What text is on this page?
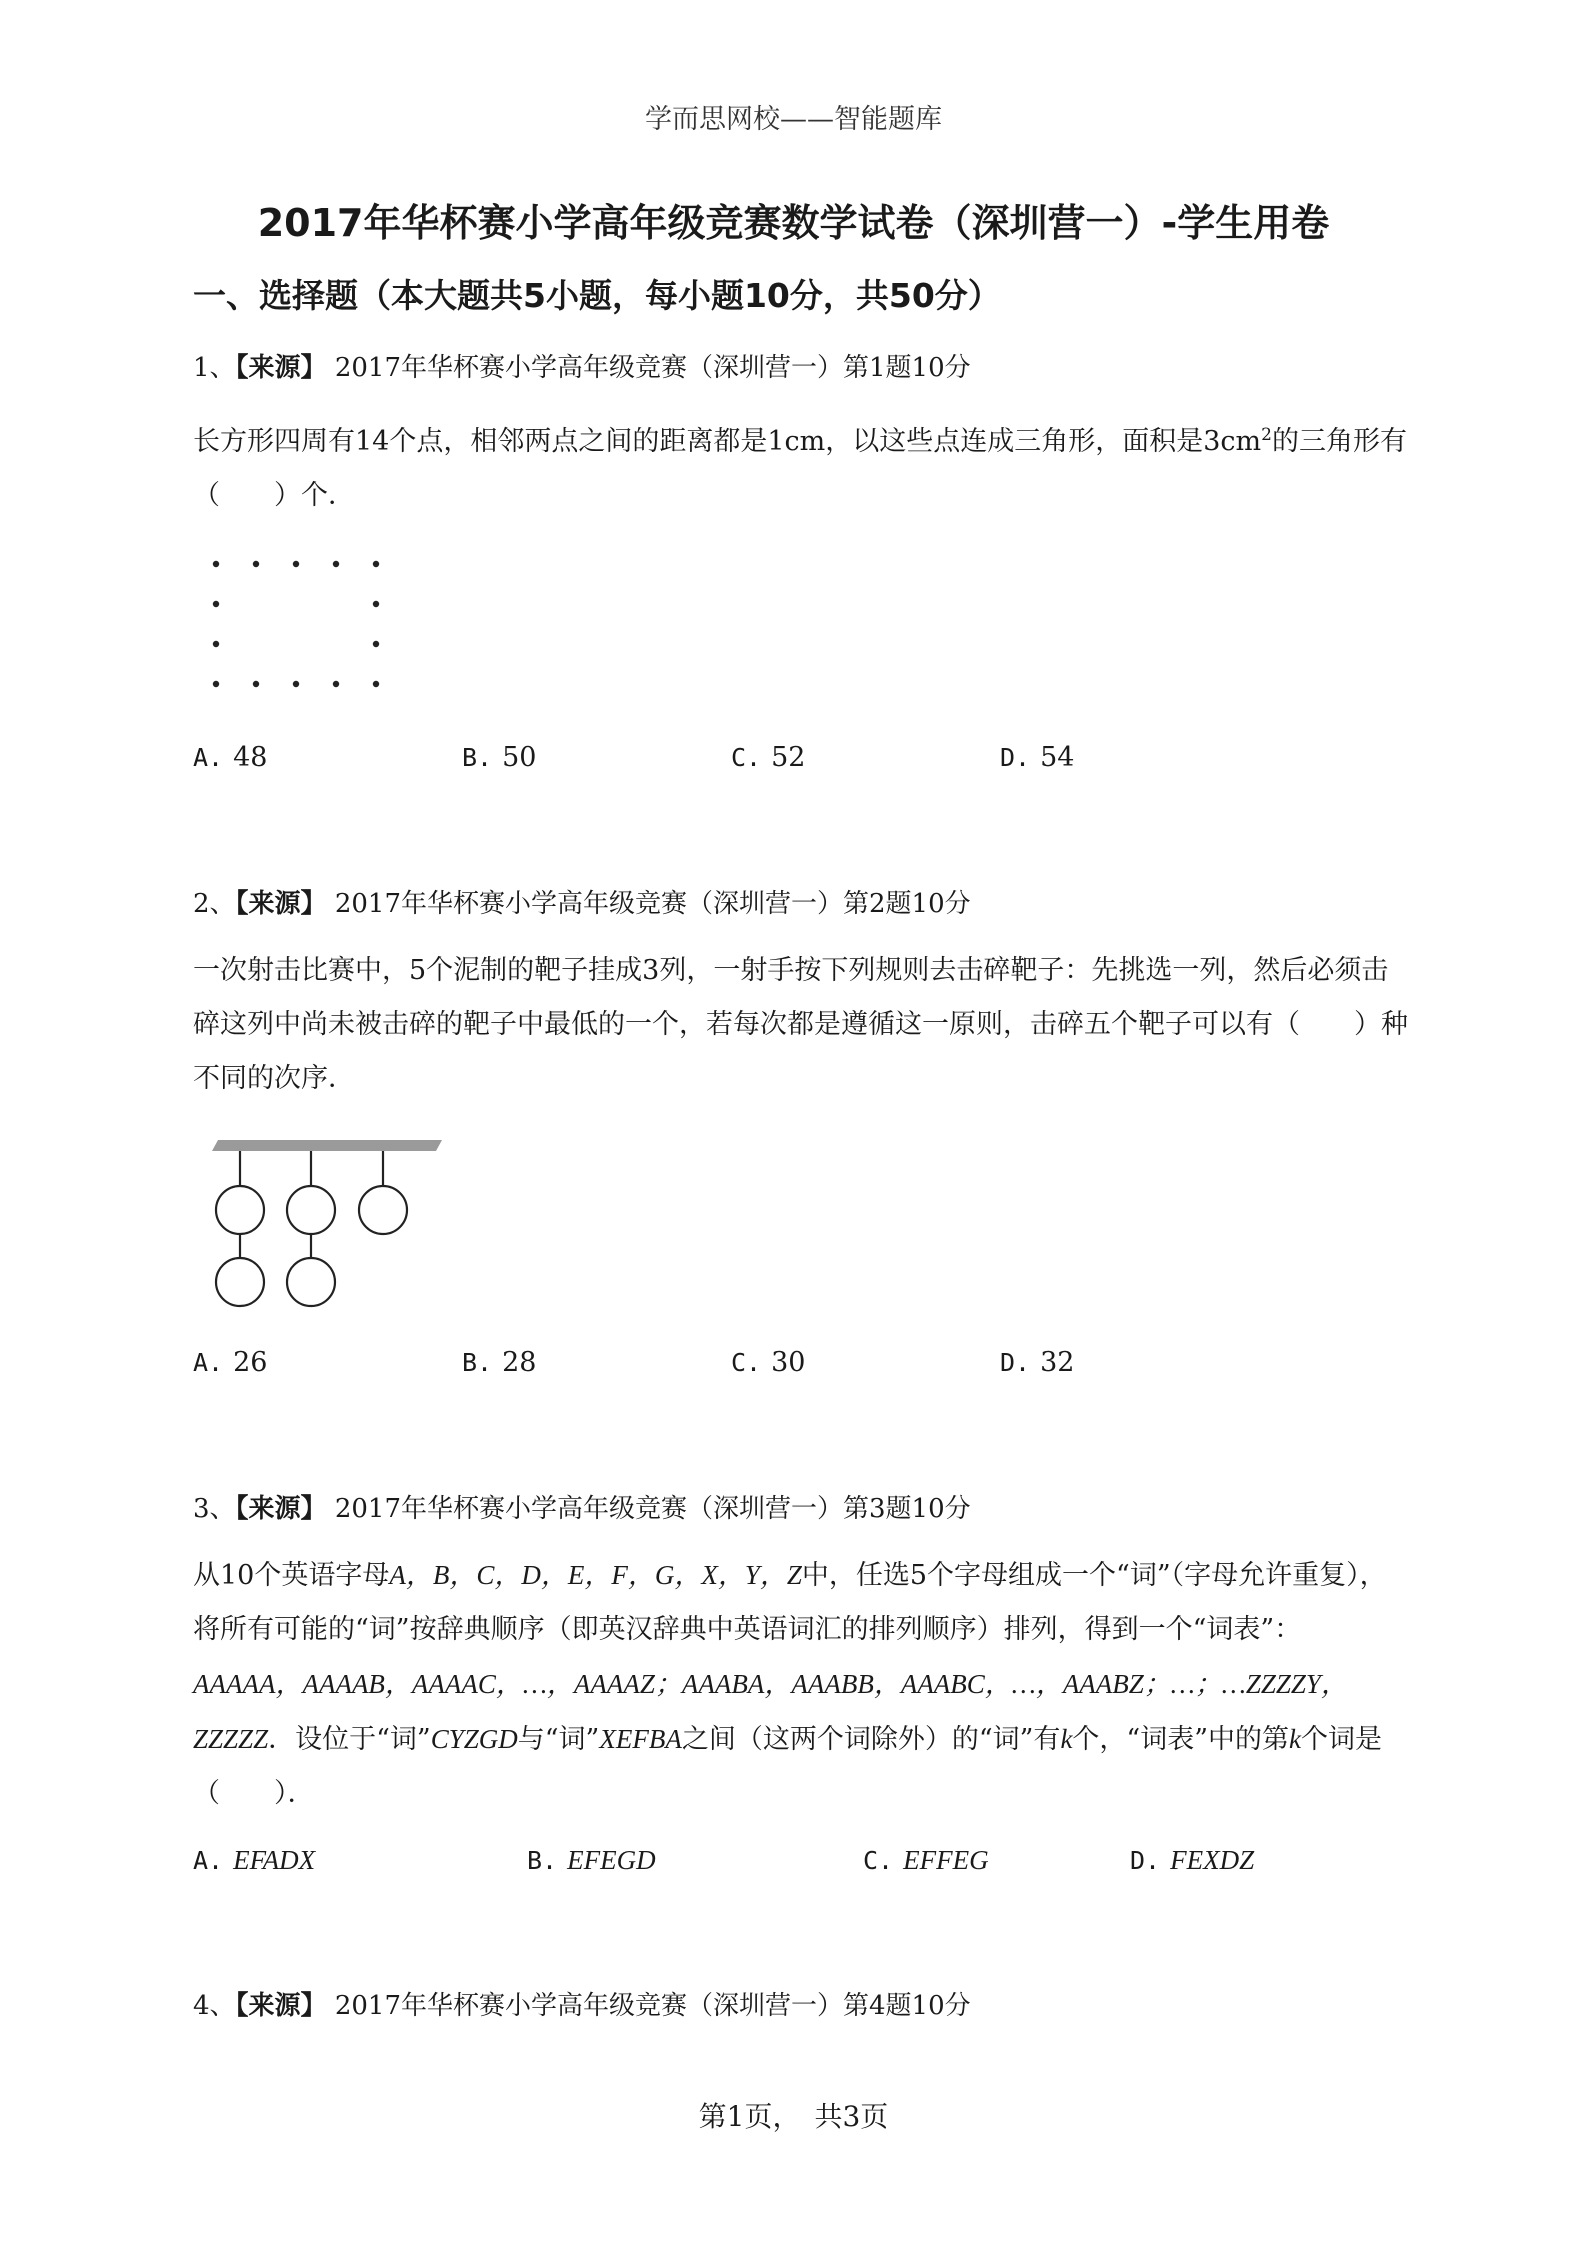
学而思网校——智能题库
2017年华杯赛小学高年级竞赛数学试卷（深圳营一）-学生用卷
一、选择题（本大题共5小题，每小题10分，共50分）
1、【来源】 2017年华杯赛小学高年级竞赛（深圳营一）第1题10分
长方形四周有14个点，相邻两点之间的距离都是1cm，以这些点连成三角形，面积是$3cm^2$的三角形有（　　）个．
A. 48	B. 50	C. 52	D. 54
2、【来源】 2017年华杯赛小学高年级竞赛（深圳营一）第2题10分
一次射击比赛中，5个泥制的靶子挂成3列，一射手按下列规则去击碎靶子：先挑选一列，然后必须击碎这列中尚未被击碎的靶子中最低的一个，若每次都是遵循这一原则，击碎五个靶子可以有（　　）种不同的次序．
A. 26	B. 28	C. 30	D. 32
3、【来源】 2017年华杯赛小学高年级竞赛（深圳营一）第3题10分
从10个英语字母A，B，C，D，E，F，G，X，Y，Z中，任选5个字母组成一个“词”（字母允许重复），将所有可能的“词”按辞典顺序（即英汉辞典中英语词汇的排列顺序）排列，得到一个“词表”：AAAAA，AAAAB，AAAAC，…，AAAAZ；AAABA，AAABB，AAABC，…，AAABZ；…；…ZZZZY，ZZZZZ．设位于“词”CYZGD与“词”XEFBA之间（这两个词除外）的“词”有k个，“词表”中的第k个词是（　　）．
A. EFADX	B. EFEGD	C. EFFEG	D. FEXDZ
4、【来源】 2017年华杯赛小学高年级竞赛（深圳营一）第4题10分
第1页，　共3页
